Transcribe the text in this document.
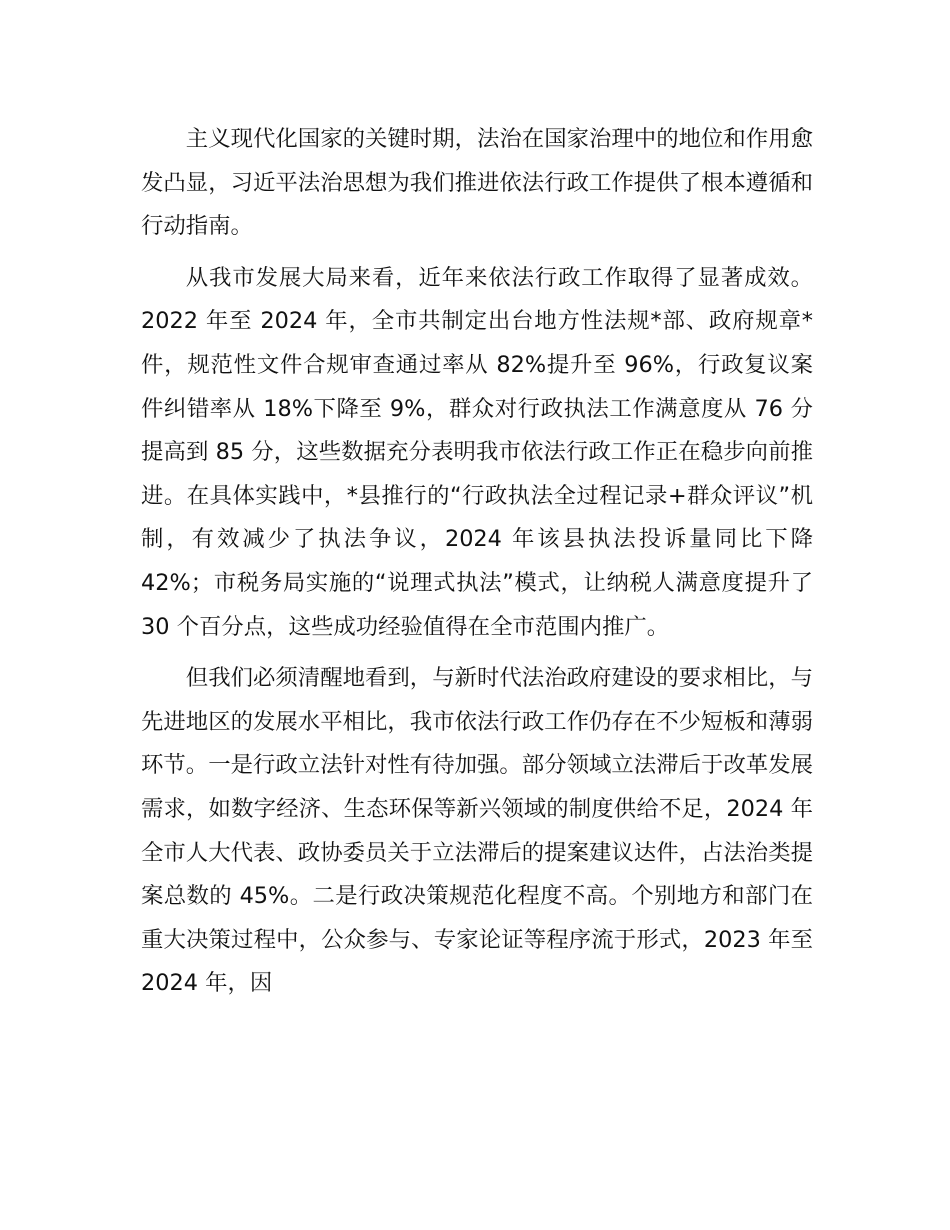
主义现代化国家的关键时期，法治在国家治理中的地位和作用愈发凸显，习近平法治思想为我们推进依法行政工作提供了根本遵循和行动指南。

从我市发展大局来看，近年来依法行政工作取得了显著成效。2022 年至 2024 年，全市共制定出台地方性法规*部、政府规章*件，规范性文件合规审查通过率从 82%提升至 96%，行政复议案件纠错率从 18%下降至 9%，群众对行政执法工作满意度从 76 分提高到 85 分，这些数据充分表明我市依法行政工作正在稳步向前推进。在具体实践中，*县推行的“行政执法全过程记录+群众评议”机制，有效减少了执法争议，2024 年该县执法投诉量同比下降 42%；市税务局实施的“说理式执法”模式，让纳税人满意度提升了 30 个百分点，这些成功经验值得在全市范围内推广。

但我们必须清醒地看到，与新时代法治政府建设的要求相比，与先进地区的发展水平相比，我市依法行政工作仍存在不少短板和薄弱环节。一是行政立法针对性有待加强。部分领域立法滞后于改革发展需求，如数字经济、生态环保等新兴领域的制度供给不足，2024 年全市人大代表、政协委员关于立法滞后的提案建议达件，占法治类提案总数的 45%。二是行政决策规范化程度不高。个别地方和部门在重大决策过程中，公众参与、专家论证等程序流于形式，2023 年至 2024 年，因
